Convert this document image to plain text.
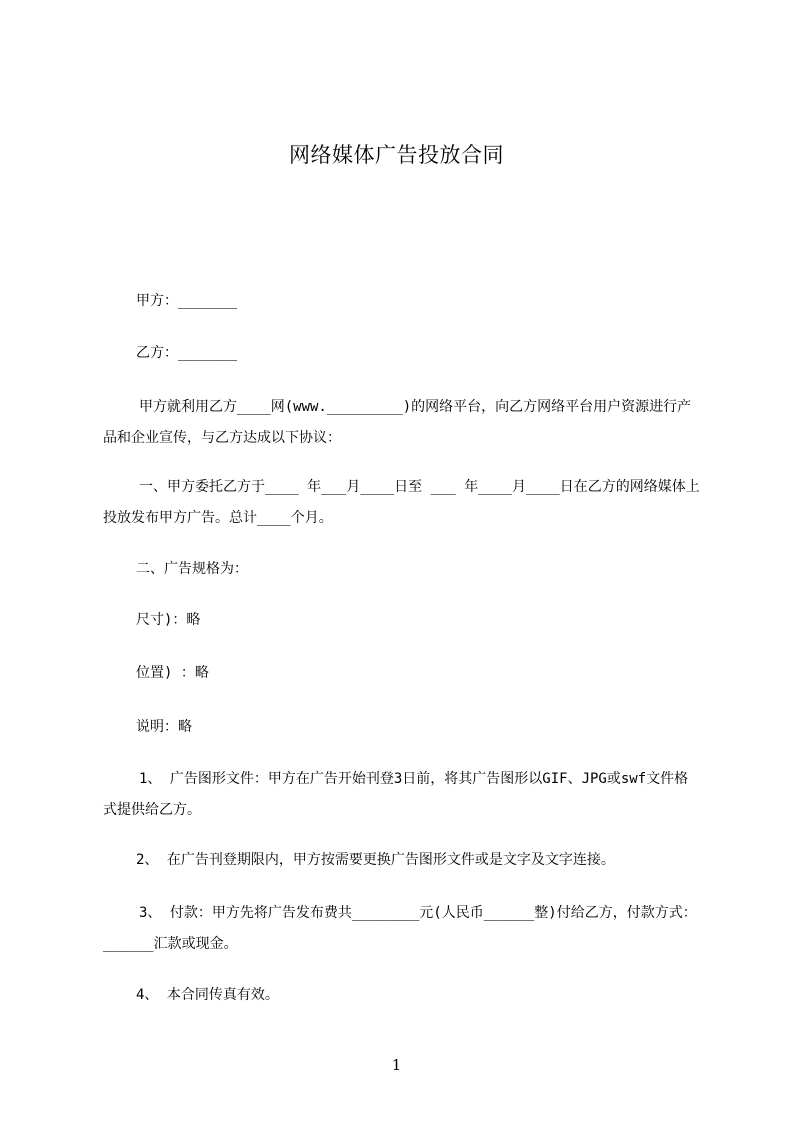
网络媒体广告投放合同
甲方：_______
乙方：_______
甲方就利用乙方____网(www._________)的网络平台，向乙方网络平台用户资源进行产品和企业宣传，与乙方达成以下协议：
一、甲方委托乙方于____ 年___月____日至 ___ 年____月____日在乙方的网络媒体上投放发布甲方广告。总计____个月。
二、广告规格为：
尺寸)：略
位置) ：略
说明：略
1、 广告图形文件：甲方在广告开始刊登3日前，将其广告图形以GIF、JPG或swf文件格式提供给乙方。
2、 在广告刊登期限内，甲方按需要更换广告图形文件或是文字及文字连接。
3、 付款：甲方先将广告发布费共________元(人民币______整)付给乙方，付款方式：______汇款或现金。
4、 本合同传真有效。
1
